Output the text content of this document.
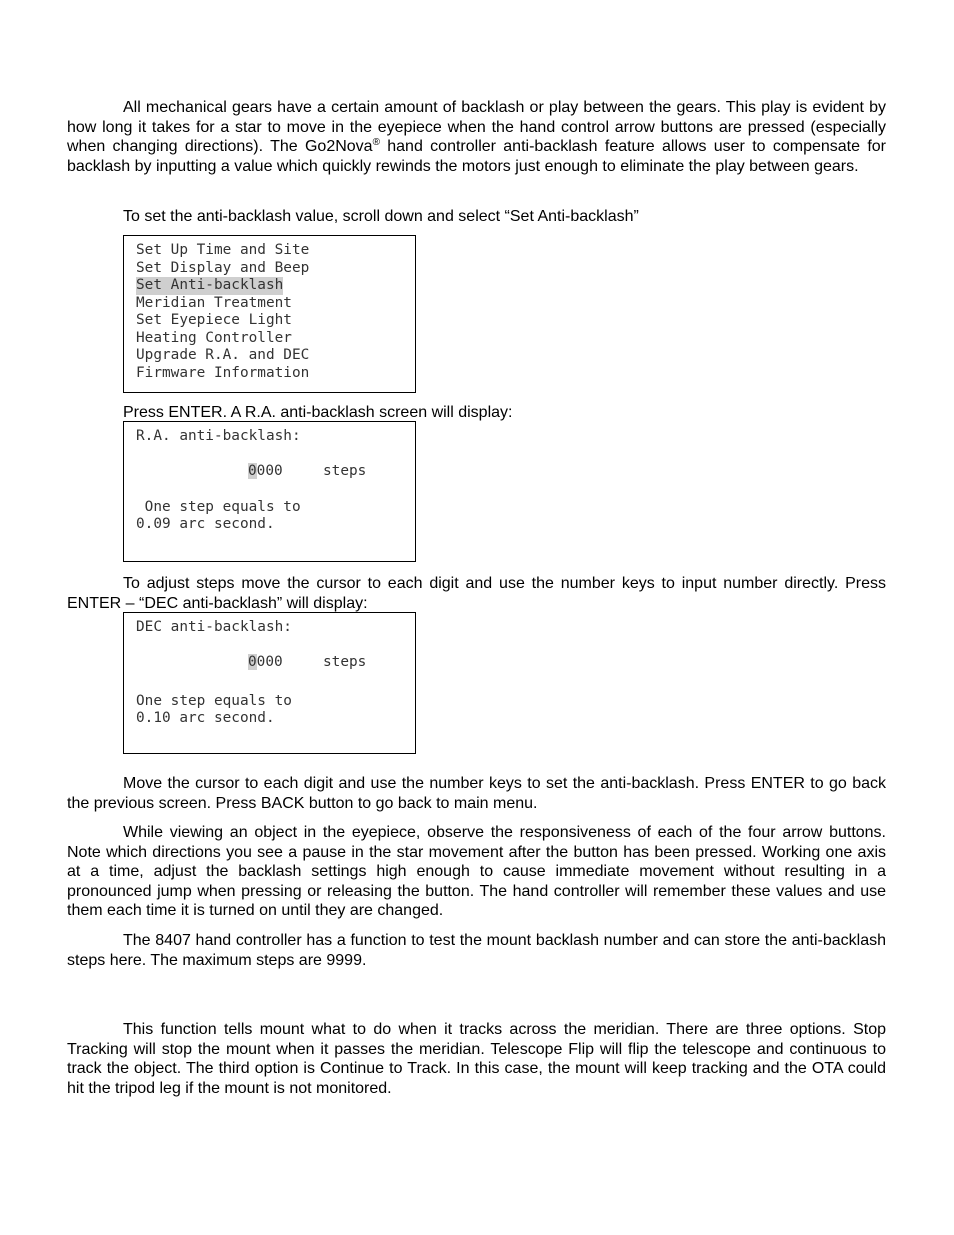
All mechanical gears have a certain amount of backlash or play between the gears. This play is evident by how long it takes for a star to move in the eyepiece when the hand control arrow buttons are pressed (especially when changing directions). The Go2Nova® hand controller anti-backlash feature allows user to compensate for backlash by inputting a value which quickly rewinds the motors just enough to eliminate the play between gears.

To set the anti-backlash value, scroll down and select “Set Anti-backlash”

Set Up Time and Site
Set Display and Beep
Set Anti-backlash
Meridian Treatment
Set Eyepiece Light
Heating Controller
Upgrade R.A. and DEC
Firmware Information

Press ENTER. A R.A. anti-backlash screen will display:

R.A. anti-backlash:
0000	steps
One step equals to
0.09 arc second.

To adjust steps move the cursor to each digit and use the number keys to input number directly. Press ENTER – “DEC anti-backlash” will display:

DEC anti-backlash:
0000	steps
One step equals to
0.10 arc second.

Move the cursor to each digit and use the number keys to set the anti-backlash. Press ENTER to go back the previous screen. Press BACK button to go back to main menu.

While viewing an object in the eyepiece, observe the responsiveness of each of the four arrow buttons. Note which directions you see a pause in the star movement after the button has been pressed. Working one axis at a time, adjust the backlash settings high enough to cause immediate movement without resulting in a pronounced jump when pressing or releasing the button. The hand controller will remember these values and use them each time it is turned on until they are changed.

The 8407 hand controller has a function to test the mount backlash number and can store the anti-backlash steps here. The maximum steps are 9999.

This function tells mount what to do when it tracks across the meridian. There are three options. Stop Tracking will stop the mount when it passes the meridian. Telescope Flip will flip the telescope and continuous to track the object. The third option is Continue to Track. In this case, the mount will keep tracking and the OTA could hit the tripod leg if the mount is not monitored.
